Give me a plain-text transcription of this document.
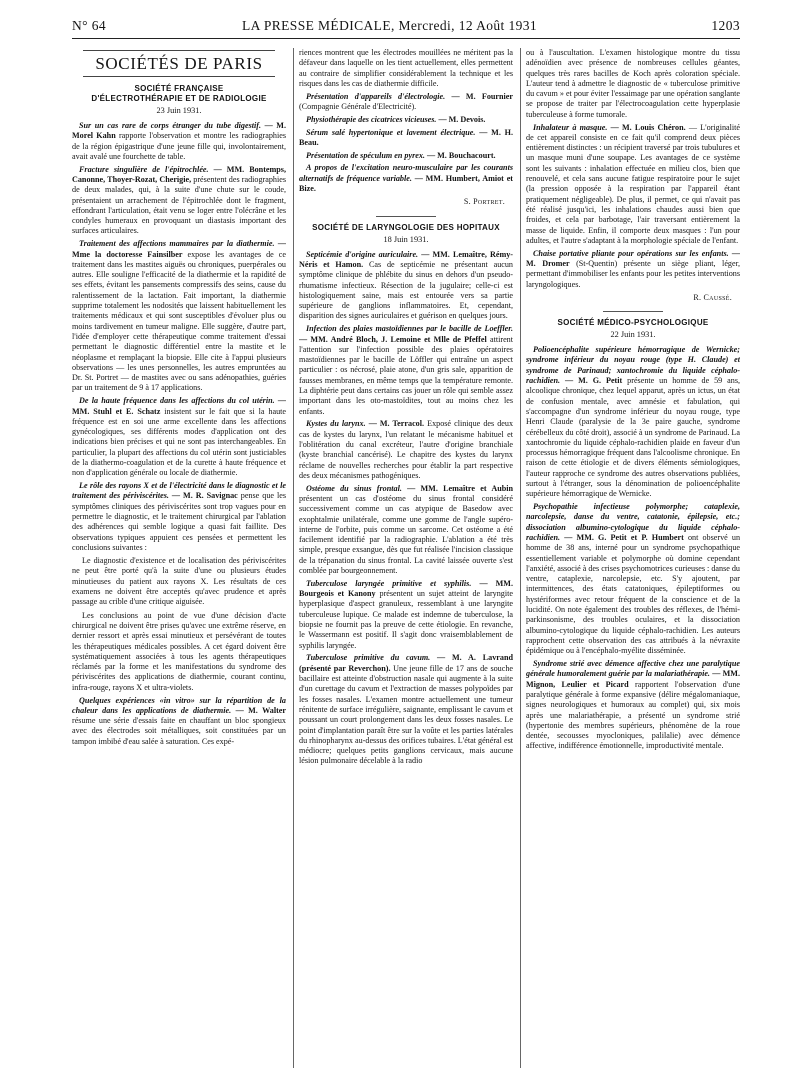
N° 64	LA PRESSE MÉDICALE, Mercredi, 12 Août 1931	1203
SOCIÉTÉS DE PARIS
SOCIÉTÉ FRANÇAISE
D'ÉLECTROTHÉRAPIE ET DE RADIOLOGIE
23 Juin 1931.

Sur un cas rare de corps étranger du tube digestif. — M. Morel Kahn rapporte l'observation et montre les radiographies de la région épigastrique d'une jeune fille qui, involontairement, avait avalé une fourchette de table.

Fracture singulière de l'épitrochlée. — MM. Bontemps, Canonne, Thoyer-Rozat, Cherigie, présentent des radiographies de deux malades, qui, à la suite d'une chute sur le coude, présentaient un arrachement de l'épitrochlée dont le fragment, effondrant l'articulation, était venu se loger entre l'olécrâne et les condyles humeraux en provoquant un diastasis important des surfaces articulaires.

Traitement des affections mammaires par la diathermie. — Mme la doctoresse Fainsilber expose les avantages de ce traitement dans les mastites aiguës ou chroniques, puerpérales ou autres. Elle souligne l'efficacité de la diathermie et la rapidité de ses effets, évitant les pansements compressifs des seins, cause du ralentissement de la lactation. Fait important, la diathermie supprime totalement les nodosités que laissent habituellement les traitements médicaux et qui sont susceptibles d'évoluer plus ou moins tardivement en tumeur maligne. Elle suggère, d'autre part, l'idée d'employer cette thérapeutique comme traitement d'essai permettant le diagnostic différentiel entre la mastite et le néoplasme et remplaçant la biopsie. Elle cite à l'appui plusieurs observations — les unes personnelles, les autres empruntées au Dr. St. Portret — de mastites avec ou sans adénopathies, guéries par un traitement de 9 à 17 applications.

De la haute fréquence dans les affections du col utérin. — MM. Stuhl et E. Schatz insistent sur le fait que si la haute fréquence est en soi une arme excellente dans les affections gynécologiques, ses différents modes d'application ont des indications bien précises et qui ne sont pas interchangeables. En particulier, la plupart des affections du col utérin sont justiciables de la diathermo-coagulation et de la curette à haute fréquence et non d'application générale ou locale de diathermie.

Le rôle des rayons X et de l'électricité dans le diagnostic et le traitement des périviscérites. — M. R. Savignac pense que les symptômes cliniques des périviscérites sont trop vagues pour en permettre le diagnostic, et le traitement chirurgical par l'ablation des adhérences qui semble logique a quasi fait faillite. Des observations typiques appuient ces pensées et permettent les conclusions suivantes :

Le diagnostic d'existence et de localisation des périviscérites ne peut être porté qu'à la suite d'une ou plusieurs études minutieuses du patient aux rayons X. Les résultats de ces examens ne doivent être acceptés qu'avec prudence et après passage au crible d'une critique aiguisée.

Les conclusions au point de vue d'une décision d'acte chirurgical ne doivent être prises qu'avec une extrême réserve, en dernier ressort et après essai minutieux et persévérant de toutes les thérapeutiques médicales possibles. A cet égard doivent être systématiquement associées à tous les agents thérapeutiques réclamés par la forme et les manifestations du syndrome des périviscérites des applications de diathermie, courant continu, infra-rouge, rayons X et ultra-violets.

Quelques expériences «in vitro» sur la répartition de la chaleur dans les applications de diathermie. — M. Walter résume une série d'essais faite en chauffant un bloc spongieux avec des électrodes soit métalliques, soit constituées par un tampon imbibé d'eau salée à saturation. Ces expé-

riences montrent que les électrodes mouillées ne méritent pas la défaveur dans laquelle on les tient actuellement, elles permettent au contraire de simplifier considérablement la technique et les risques dans les cas de diathermie difficile.

Présentation d'appareils d'électrologie. — M. Fournier (Compagnie Générale d'Electricité).

Physiothérapie des cicatrices vicieuses. — M. Devois.

Sérum salé hypertonique et lavement électrique. — M. H. Beau.

Présentation de spéculum en pyrex. — M. Bouchacourt.

A propos de l'excitation neuro-musculaire par les courants alternatifs de fréquence variable. — MM. Humbert, Amiot et Bize.

S. Portret.
SOCIÉTÉ DE LARYNGOLOGIE DES HOPITAUX
18 Juin 1931.

Septicémie d'origine auriculaire. — MM. Lemaître, Rémy-Néris et Hamon. Cas de septicémie ne présentant aucun symptôme clinique de phlébite du sinus en dehors d'un pseudo-rhumatisme infectieux. Résection de la jugulaire; celle-ci est histologiquement saine, mais est entourée vers sa partie supérieure de ganglions inflammatoires. Et, cependant, disparition des signes auriculaires et guérison en quelques jours.

Infection des plaies mastoïdiennes par le bacille de Loeffler. — MM. André Bloch, J. Lemoine et Mlle de Pfeffel attirent l'attention sur l'infection possible des plaies opératoires mastoïdiennes par le bacille de Löffler qui entraîne un aspect particulier : os nécrosé, plaie atone, d'un gris sale, apparition de fausses membranes, en même temps que la température remonte. La diphtérie peut dans certains cas jouer un rôle qui semble assez important dans les oto-mastoïdites, tout au moins chez les enfants.

Kystes du larynx. — M. Terracol. Exposé clinique des deux cas de kystes du larynx, l'un relatant le mécanisme habituel et l'oblitération du canal excréteur, l'autre d'origine branchiale (kyste branchial cancérisé). Le chapitre des kystes du larynx réclame de nouvelles recherches pour établir la part respective des deux mécanismes pathogéniques.

Ostéome du sinus frontal. — MM. Lemaître et Aubin présentent un cas d'ostéome du sinus frontal considéré successivement comme un cas atypique de Basedow avec exophtalmie unilatérale, comme une gomme de l'angle supéro-interne de l'orbite, puis comme un sarcome. Cet ostéome a été facilement identifié par la radiographie. L'ablation a été très simple, presque exsangue, dès que fut réalisée l'incision classique de la trépanation du sinus frontal. La cavité laissée ouverte s'est comblée par bourgeonnement.

Tuberculose laryngée primitive et syphilis. — MM. Bourgeois et Kanony présentent un sujet atteint de laryngite hyperplasique d'aspect granuleux, ressemblant à une laryngite tuberculeuse lupique. Ce malade est indemne de tuberculose, la biopsie ne fournit pas la preuve de cette étiologie. En revanche, le Wassermann est positif. Il s'agit donc vraisemblablement de syphilis laryngée.

Tuberculose primitive du cavum. — M. A. Lavrand (présenté par Reverchon). Une jeune fille de 17 ans de souche bacillaire est atteinte d'obstruction nasale qui augmente à la suite d'un curettage du cavum et l'extraction de masses polypoïdes par les fosses nasales. L'examen montre actuellement une tumeur rénitente de surface irrégulière, saignante, emplissant le cavum et poussant un court prolongement dans les deux fosses nasales. Le point d'implantation paraît être sur la voûte et les parties latérales du rhinopharynx au-dessus des orifices tubaires. L'état général est médiocre; quelques petits ganglions cervicaux, mais aucune lésion pulmonaire décelable à la radio

ou à l'auscultation. L'examen histologique montre du tissu adénoïdien avec présence de nombreuses cellules géantes, quelques très rares bacilles de Koch après coloration spéciale. L'auteur tend à admettre le diagnostic de « tuberculose primitive du cavum » et pour éviter l'essaimage par une opération sanglante se propose de traiter par l'électrocoagulation cette hyperplasie tuberculeuse à forme tumorale.

Inhalateur à masque. — M. Louis Chéron. — L'originalité de cet appareil consiste en ce fait qu'il comprend deux pièces entièrement distinctes : un récipient traversé par trois tubulures et un masque muni d'une soupape. Les avantages de ce système sont les suivants : inhalation effectuée en milieu clos, bien que renouvelé, et cela sans aucune fatigue respiratoire pour le sujet (la pression opposée à la respiration par l'appareil étant pratiquement négligeable). De plus, il permet, ce qui n'avait pas été réalisé jusqu'ici, les inhalations chaudes aussi bien que froides, et cela par barbotage, l'air traversant entièrement la masse de liquide. Enfin, il comporte deux masques : l'un pour adultes, et l'autre s'adaptant à la morphologie spéciale de l'enfant.

Chaise portative pliante pour opérations sur les enfants. — M. Dromer (St-Quentin) présente un siège pliant, léger, permettant d'immobiliser les enfants pour les petites interventions laryngologiques.

R. Caussé.
SOCIÉTÉ MÉDICO-PSYCHOLOGIQUE
22 Juin 1931.

Polioencéphalite supérieure hémorragique de Wernicke; syndrome inférieur du noyau rouge (type H. Claude) et syndrome de Parinaud; xantochromie du liquide céphalo-rachidien. — M. G. Petit présente un homme de 59 ans, alcoolique chronique, chez lequel apparut, après un ictus, un état de confusion mentale, avec amnésie et fabulation, qui s'accompagne d'un syndrome inférieur du noyau rouge, type Henri Claude (paralysie de la 3e paire gauche, syndrome cérébelleux du côté droit), associé à un syndrome de Parinaud. La xantochromie du liquide céphalo-rachidien plaide en faveur d'un processus hémorragique fréquent dans l'alcoolisme chronique. En raison de cette étiologie et de divers éléments sémiologiques, l'auteur rapproche ce syndrome des autres observations publiées, surtout à l'étranger, sous la dénomination de polioencéphalite supérieure hémorragique de Wernicke.

Psychopathie infectieuse polymorphe; cataplexie, narcolepsie, danse du ventre, catatonie, épilepsie, etc.; dissociation albumino-cytologique du liquide céphalo-rachidien. — MM. G. Petit et P. Humbert ont observé un homme de 38 ans, interné pour un syndrome psychopathique essentiellement variable et polymorphe où domine cependant l'anxiété, associé à des crises psychomotrices curieuses : danse du ventre, cataplexie, narcolepsie, etc. S'y ajoutent, par intermittences, des états catatoniques, épileptiformes ou hystériformes avec retour fréquent de la conscience et de la lucidité. On note également des troubles des réflexes, de l'hémi-parkinsonisme, des troubles oculaires, et la dissociation albumino-cytologique du liquide céphalo-rachidien. Les auteurs rapprochent cette observation des cas attribués à la névraxite épidémique ou à l'encéphalo-myélite disséminée.

Syndrome strié avec démence affective chez une paralytique générale humoralement guérie par la malariathérapie. — MM. Mignon, Leulier et Picard rapportent l'observation d'une paralytique générale à forme expansive (délire mégalomaniaque, signes neurologiques et humoraux au complet) qui, six mois après une malariathérapie, a présenté un syndrome strié (hypertonie des membres supérieurs, phénomène de la roue dentée, secousses myocloniques, palilalie) avec démence affective, indifférence émotionnelle, improductivité mentale.
